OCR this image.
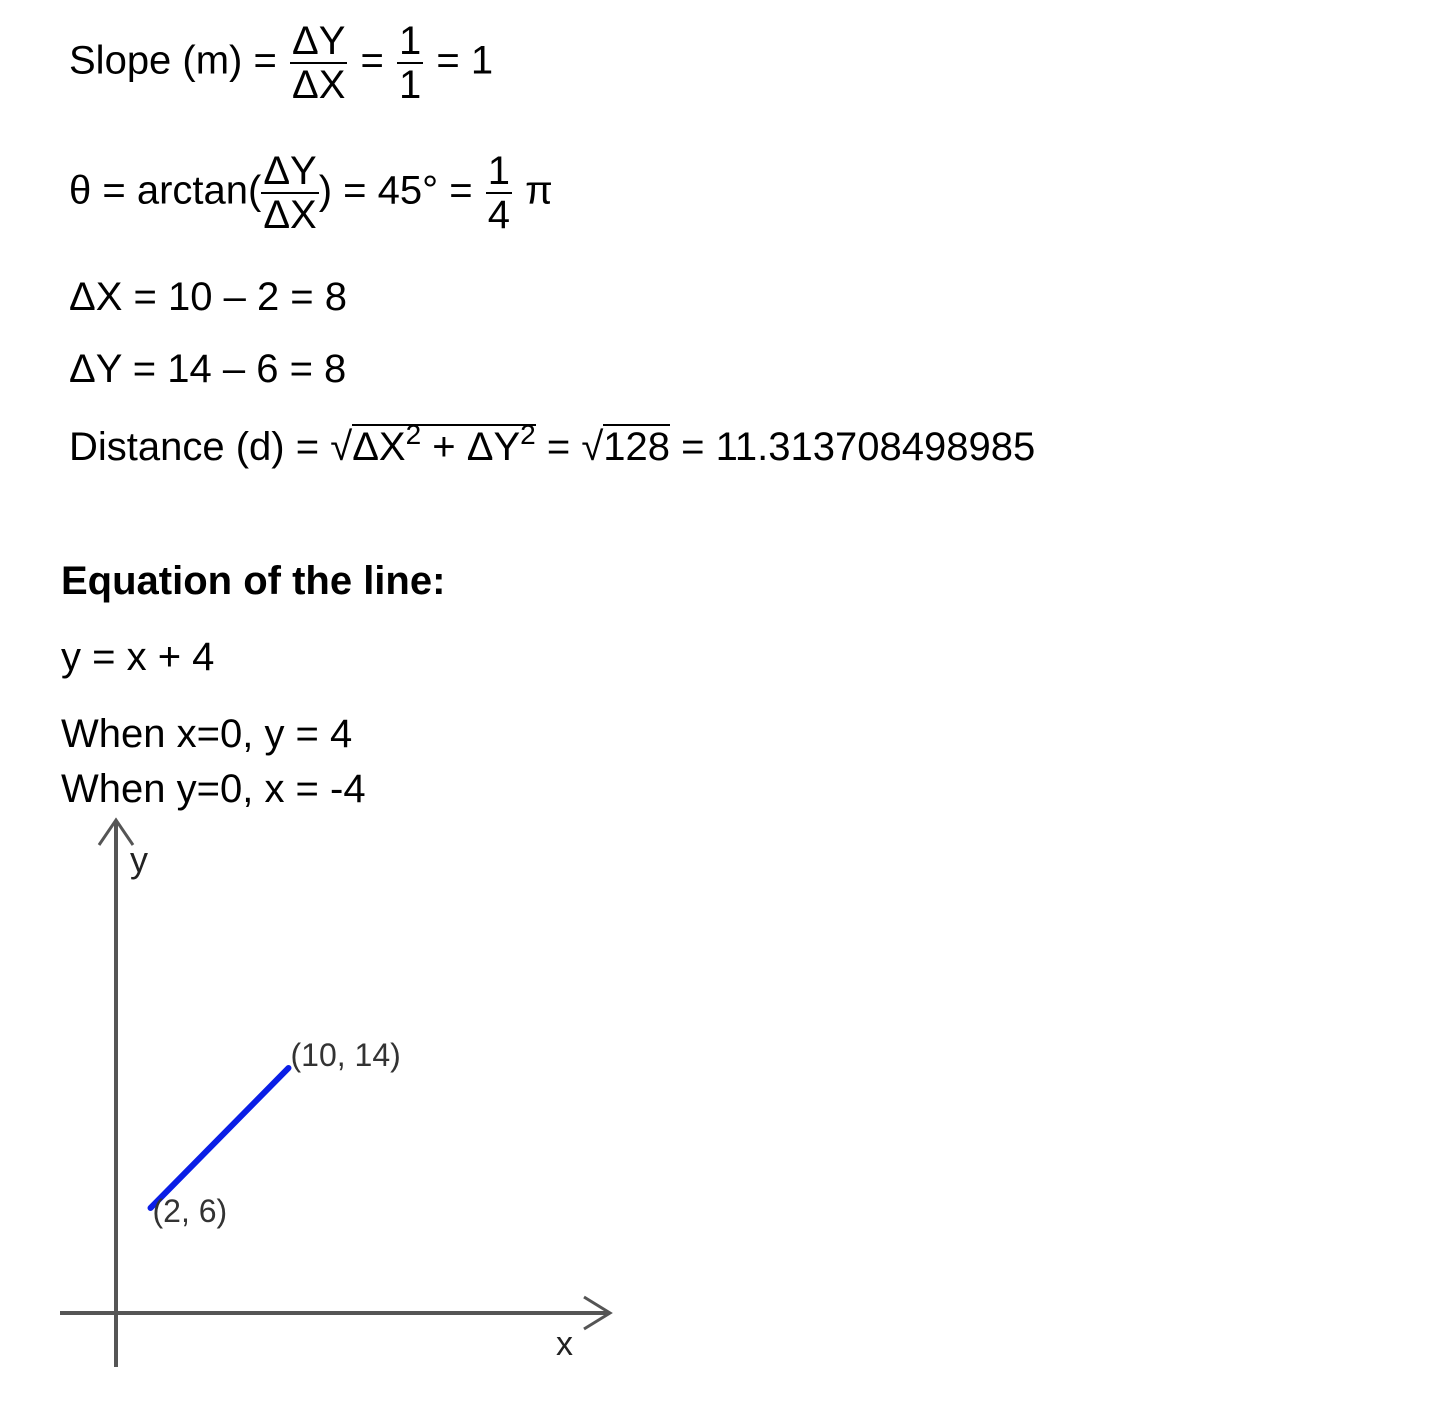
Slope $(m) = \frac{\Delta Y}{\Delta X} = \frac{1}{1} = 1$
$\theta = \arctan( \frac{\Delta Y}{\Delta X}$ ) = $45^\circ = \frac{1}{4}$ π
ΔX = 10 – 2 = 8
ΔY = 14 – 6 = 8
Distance $(d) = √\Delta X^2 + \Delta Y^2 = √128 = 11.313708498985$
Equation of the line:
y = x + 4
When x=0, y = 4
When y=0, x = -4
y
x
(2, 6)
(10, 14)
